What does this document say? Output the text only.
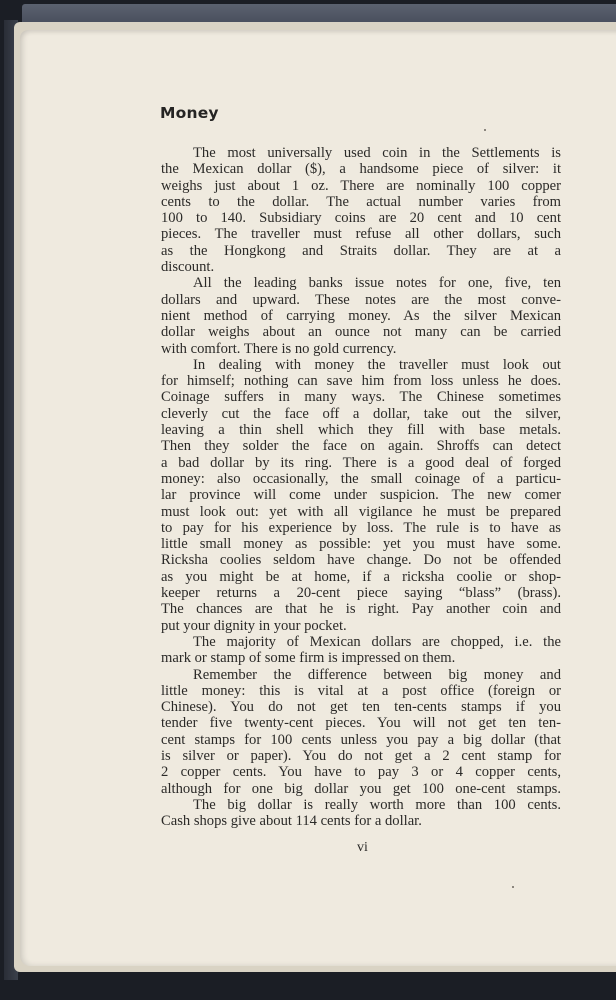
Money
The most universally used coin in the Settlements is
the Mexican dollar ($), a handsome piece of silver: it
weighs just about 1 oz. There are nominally 100 copper
cents to the dollar. The actual number varies from
100 to 140. Subsidiary coins are 20 cent and 10 cent
pieces. The traveller must refuse all other dollars, such
as the Hongkong and Straits dollar. They are at a
discount.
All the leading banks issue notes for one, five, ten
dollars and upward. These notes are the most conve-
nient method of carrying money. As the silver Mexican
dollar weighs about an ounce not many can be carried
with comfort. There is no gold currency.
In dealing with money the traveller must look out
for himself; nothing can save him from loss unless he does.
Coinage suffers in many ways. The Chinese sometimes
cleverly cut the face off a dollar, take out the silver,
leaving a thin shell which they fill with base metals.
Then they solder the face on again. Shroffs can detect
a bad dollar by its ring. There is a good deal of forged
money: also occasionally, the small coinage of a particu-
lar province will come under suspicion. The new comer
must look out: yet with all vigilance he must be prepared
to pay for his experience by loss. The rule is to have as
little small money as possible: yet you must have some.
Ricksha coolies seldom have change. Do not be offended
as you might be at home, if a ricksha coolie or shop-
keeper returns a 20-cent piece saying “blass” (brass).
The chances are that he is right. Pay another coin and
put your dignity in your pocket.
The majority of Mexican dollars are chopped, i.e. the
mark or stamp of some firm is impressed on them.
Remember the difference between big money and
little money: this is vital at a post office (foreign or
Chinese). You do not get ten ten-cents stamps if you
tender five twenty-cent pieces. You will not get ten ten-
cent stamps for 100 cents unless you pay a big dollar (that
is silver or paper). You do not get a 2 cent stamp for
2 copper cents. You have to pay 3 or 4 copper cents,
although for one big dollar you get 100 one-cent stamps.
The big dollar is really worth more than 100 cents.
Cash shops give about 114 cents for a dollar.
vi
